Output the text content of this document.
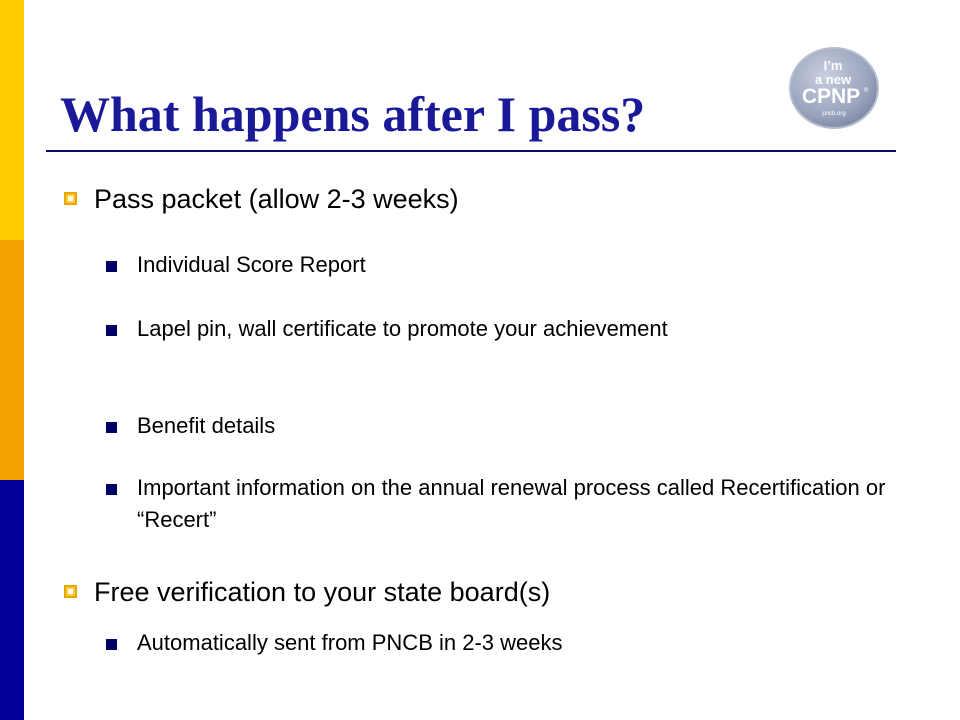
What happens after I pass?
I’m
a new
CPNP ®
pncb.org
Pass packet (allow 2-3 weeks)
Individual Score Report
Lapel pin, wall certificate to promote your achievement
Benefit details
Important information on the annual renewal process called Recertification or “Recert”
Free verification to your state board(s)
Automatically sent from PNCB in 2-3 weeks
